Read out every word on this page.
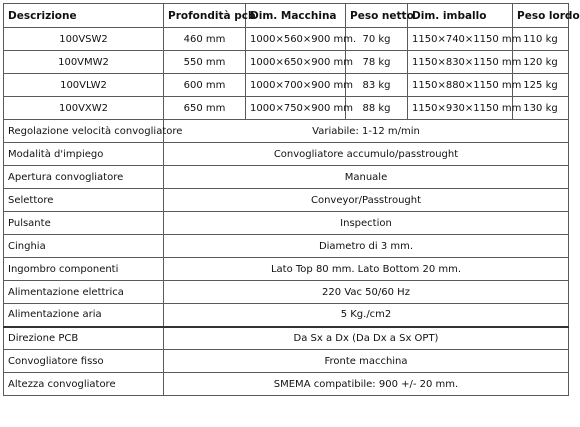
Descrizione	Profondità pcb	Dim. Macchina	Peso netto	Dim. imballo	Peso lordo
100VSW2	460 mm	1000×560×900 mm.	70 kg	1150×740×1150 mm	110 kg
100VMW2	550 mm	1000×650×900 mm	78 kg	1150×830×1150 mm	120 kg
100VLW2	600 mm	1000×700×900 mm	83 kg	1150×880×1150 mm	125 kg
100VXW2	650 mm	1000×750×900 mm	88 kg	1150×930×1150 mm	130 kg
Regolazione velocità convogliatore	Variabile: 1-12 m/min				
Modalità d'impiego	Convogliatore accumulo/passtrought				
Apertura convogliatore	Manuale				
Selettore	Conveyor/Passtrought				
Pulsante	Inspection				
Cinghia	Diametro di 3 mm.				
Ingombro componenti	Lato Top 80 mm. Lato Bottom 20 mm.				
Alimentazione elettrica	220 Vac 50/60 Hz				
Alimentazione aria	5 Kg./cm2				
Direzione PCB	Da Sx a Dx (Da Dx a Sx OPT)				
Convogliatore fisso	Fronte macchina				
Altezza convogliatore	SMEMA compatibile: 900 +/- 20 mm.				
